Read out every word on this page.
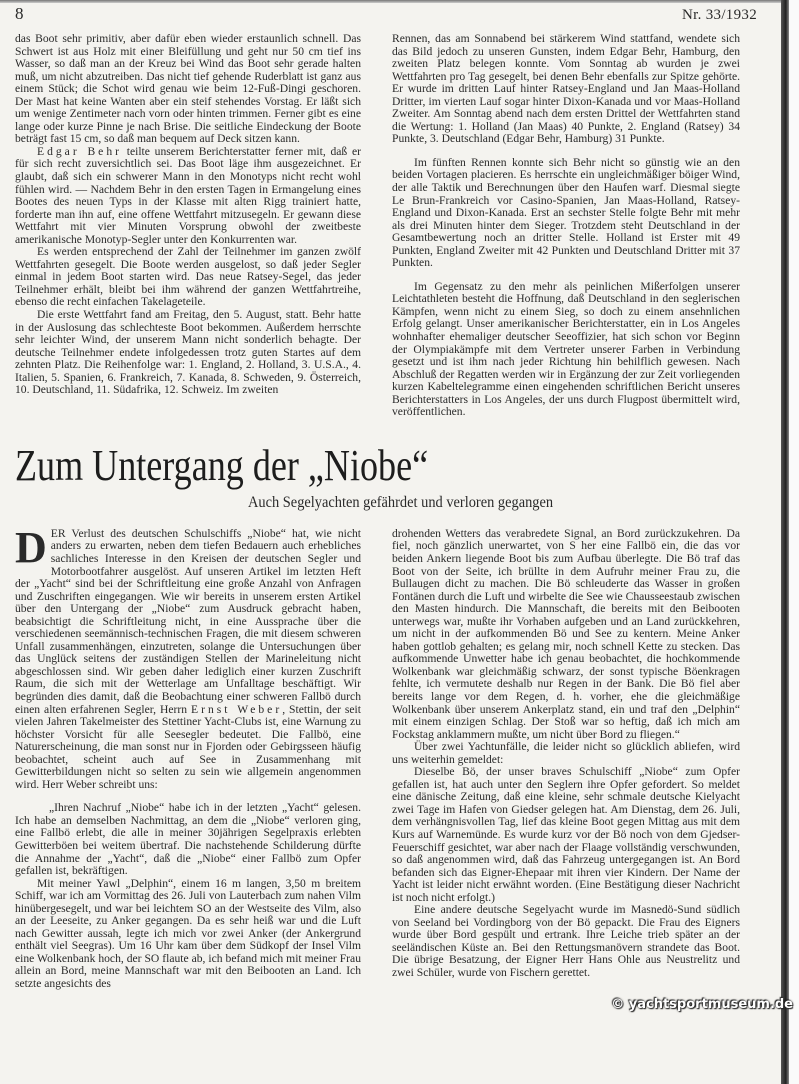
8	Nr. 33/1932

das Boot sehr primitiv, aber dafür eben wieder erstaunlich schnell. Das Schwert ist aus Holz mit einer Bleifüllung und geht nur 50 cm tief ins Wasser, so daß man an der Kreuz bei Wind das Boot sehr gerade halten muß, um nicht abzutreiben. Das nicht tief gehende Ruderblatt ist ganz aus einem Stück; die Schot wird genau wie beim 12-Fuß-Dingi geschoren. Der Mast hat keine Wanten aber ein steif stehendes Vorstag. Er läßt sich um wenige Zentimeter nach vorn oder hinten trimmen. Ferner gibt es eine lange oder kurze Pinne je nach Brise. Die seitliche Eindeckung der Boote beträgt fast 15 cm, so daß man bequem auf Deck sitzen kann.

Edgar Behr teilte unserem Berichterstatter ferner mit, daß er für sich recht zuversichtlich sei. Das Boot läge ihm ausgezeichnet. Er glaubt, daß sich ein schwerer Mann in den Monotyps nicht recht wohl fühlen wird. — Nachdem Behr in den ersten Tagen in Ermangelung eines Bootes des neuen Typs in der Klasse mit alten Rigg trainiert hatte, forderte man ihn auf, eine offene Wettfahrt mitzusegeln. Er gewann diese Wettfahrt mit vier Minuten Vorsprung obwohl der zweitbeste amerikanische Monotyp-Segler unter den Konkurrenten war.

Es werden entsprechend der Zahl der Teilnehmer im ganzen zwölf Wettfahrten gesegelt. Die Boote werden ausgelost, so daß jeder Segler einmal in jedem Boot starten wird. Das neue Ratsey-Segel, das jeder Teilnehmer erhält, bleibt bei ihm während der ganzen Wettfahrtreihe, ebenso die recht einfachen Takelageteile.

Die erste Wettfahrt fand am Freitag, den 5. August, statt. Behr hatte in der Auslosung das schlechteste Boot bekommen. Außerdem herrschte sehr leichter Wind, der unserem Mann nicht sonderlich behagte. Der deutsche Teilnehmer endete infolgedessen trotz guten Startes auf dem zehnten Platz. Die Reihenfolge war: 1. England, 2. Holland, 3. U.S.A., 4. Italien, 5. Spanien, 6. Frankreich, 7. Kanada, 8. Schweden, 9. Österreich, 10. Deutschland, 11. Südafrika, 12. Schweiz. Im zweiten

Rennen, das am Sonnabend bei stärkerem Wind stattfand, wendete sich das Bild jedoch zu unseren Gunsten, indem Edgar Behr, Hamburg, den zweiten Platz belegen konnte. Vom Sonntag ab wurden je zwei Wettfahrten pro Tag gesegelt, bei denen Behr ebenfalls zur Spitze gehörte. Er wurde im dritten Lauf hinter Ratsey-England und Jan Maas-Holland Dritter, im vierten Lauf sogar hinter Dixon-Kanada und vor Maas-Holland Zweiter. Am Sonntag abend nach dem ersten Drittel der Wettfahrten stand die Wertung: 1. Holland (Jan Maas) 40 Punkte, 2. England (Ratsey) 34 Punkte, 3. Deutschland (Edgar Behr, Hamburg) 31 Punkte.

Im fünften Rennen konnte sich Behr nicht so günstig wie an den beiden Vortagen placieren. Es herrschte ein ungleichmäßiger böiger Wind, der alle Taktik und Berechnungen über den Haufen warf. Diesmal siegte Le Brun-Frankreich vor Casino-Spanien, Jan Maas-Holland, Ratsey-England und Dixon-Kanada. Erst an sechster Stelle folgte Behr mit mehr als drei Minuten hinter dem Sieger. Trotzdem steht Deutschland in der Gesamtbewertung noch an dritter Stelle. Holland ist Erster mit 49 Punkten, England Zweiter mit 42 Punkten und Deutschland Dritter mit 37 Punkten.

Im Gegensatz zu den mehr als peinlichen Mißerfolgen unserer Leichtathleten besteht die Hoffnung, daß Deutschland in den seglerischen Kämpfen, wenn nicht zu einem Sieg, so doch zu einem ansehnlichen Erfolg gelangt. Unser amerikanischer Berichterstatter, ein in Los Angeles wohnhafter ehemaliger deutscher Seeoffizier, hat sich schon vor Beginn der Olympiakämpfe mit dem Vertreter unserer Farben in Verbindung gesetzt und ist ihm nach jeder Richtung hin behilflich gewesen. Nach Abschluß der Regatten werden wir in Ergänzung der zur Zeit vorliegenden kurzen Kabeltelegramme einen eingehenden schriftlichen Bericht unseres Berichterstatters in Los Angeles, der uns durch Flugpost übermittelt wird, veröffentlichen.

Zum Untergang der „Niobe“
Auch Segelyachten gefährdet und verloren gegangen

DER Verlust des deutschen Schulschiffs „Niobe“ hat, wie nicht anders zu erwarten, neben dem tiefen Bedauern auch erhebliches sachliches Interesse in den Kreisen der deutschen Segler und Motorbootfahrer ausgelöst. Auf unseren Artikel im letzten Heft der „Yacht“ sind bei der Schriftleitung eine große Anzahl von Anfragen und Zuschriften eingegangen. Wie wir bereits in unserem ersten Artikel über den Untergang der „Niobe“ zum Ausdruck gebracht haben, beabsichtigt die Schriftleitung nicht, in eine Aussprache über die verschiedenen seemännisch-technischen Fragen, die mit diesem schweren Unfall zusammenhängen, einzutreten, solange die Untersuchungen über das Unglück seitens der zuständigen Stellen der Marineleitung nicht abgeschlossen sind. Wir geben daher lediglich einer kurzen Zuschrift Raum, die sich mit der Wetterlage am Unfalltage beschäftigt. Wir begründen dies damit, daß die Beobachtung einer schweren Fallbö durch einen alten erfahrenen Segler, Herrn Ernst Weber, Stettin, der seit vielen Jahren Takelmeister des Stettiner Yacht-Clubs ist, eine Warnung zu höchster Vorsicht für alle Seesegler bedeutet. Die Fallbö, eine Naturerscheinung, die man sonst nur in Fjorden oder Gebirgsseen häufig beobachtet, scheint auch auf See in Zusammenhang mit Gewitterbildungen nicht so selten zu sein wie allgemein angenommen wird. Herr Weber schreibt uns:

„Ihren Nachruf „Niobe“ habe ich in der letzten „Yacht“ gelesen. Ich habe an demselben Nachmittag, an dem die „Niobe“ verloren ging, eine Fallbö erlebt, die alle in meiner 30jährigen Segelpraxis erlebten Gewitterböen bei weitem übertraf. Die nachstehende Schilderung dürfte die Annahme der „Yacht“, daß die „Niobe“ einer Fallbö zum Opfer gefallen ist, bekräftigen.

Mit meiner Yawl „Delphin“, einem 16 m langen, 3,50 m breitem Schiff, war ich am Vormittag des 26. Juli von Lauterbach zum nahen Vilm hinübergesegelt, und war bei leichtem SO an der Westseite des Vilm, also an der Leeseite, zu Anker gegangen. Da es sehr heiß war und die Luft nach Gewitter aussah, legte ich mich vor zwei Anker (der Ankergrund enthält viel Seegras). Um 16 Uhr kam über dem Südkopf der Insel Vilm eine Wolkenbank hoch, der SO flaute ab, ich befand mich mit meiner Frau allein an Bord, meine Mannschaft war mit den Beibooten an Land. Ich setzte angesichts des

drohenden Wetters das verabredete Signal, an Bord zurückzukehren. Da fiel, noch gänzlich unerwartet, von S her eine Fallbö ein, die das vor beiden Ankern liegende Boot bis zum Aufbau überlegte. Die Bö traf das Boot von der Seite, ich brüllte in dem Aufruhr meiner Frau zu, die Bullaugen dicht zu machen. Die Bö schleuderte das Wasser in großen Fontänen durch die Luft und wirbelte die See wie Chausseestaub zwischen den Masten hindurch. Die Mannschaft, die bereits mit den Beibooten unterwegs war, mußte ihr Vorhaben aufgeben und an Land zurückkehren, um nicht in der aufkommenden Bö und See zu kentern. Meine Anker haben gottlob gehalten; es gelang mir, noch schnell Kette zu stecken. Das aufkommende Unwetter habe ich genau beobachtet, die hochkommende Wolkenbank war gleichmäßig schwarz, der sonst typische Böenkragen fehlte, ich vermutete deshalb nur Regen in der Bank. Die Bö fiel aber bereits lange vor dem Regen, d. h. vorher, ehe die gleichmäßige Wolkenbank über unserem Ankerplatz stand, ein und traf den „Delphin“ mit einem einzigen Schlag. Der Stoß war so heftig, daß ich mich am Fockstag anklammern mußte, um nicht über Bord zu fliegen.“

Über zwei Yachtunfälle, die leider nicht so glücklich abliefen, wird uns weiterhin gemeldet:

Dieselbe Bö, der unser braves Schulschiff „Niobe“ zum Opfer gefallen ist, hat auch unter den Seglern ihre Opfer gefordert. So meldet eine dänische Zeitung, daß eine kleine, sehr schmale deutsche Kielyacht zwei Tage im Hafen von Giedser gelegen hat. Am Dienstag, dem 26. Juli, dem verhängnisvollen Tag, lief das kleine Boot gegen Mittag aus mit dem Kurs auf Warnemünde. Es wurde kurz vor der Bö noch von dem Gjedser-Feuerschiff gesichtet, war aber nach der Flaage vollständig verschwunden, so daß angenommen wird, daß das Fahrzeug untergegangen ist. An Bord befanden sich das Eigner-Ehepaar mit ihren vier Kindern. Der Name der Yacht ist leider nicht erwähnt worden. (Eine Bestätigung dieser Nachricht ist noch nicht erfolgt.)

Eine andere deutsche Segelyacht wurde im Masnedö-Sund südlich von Seeland bei Vordingborg von der Bö gepackt. Die Frau des Eigners wurde über Bord gespült und ertrank. Ihre Leiche trieb später an der seeländischen Küste an. Bei den Rettungsmanövern strandete das Boot. Die übrige Besatzung, der Eigner Herr Hans Ohle aus Neustrelitz und zwei Schüler, wurde von Fischern gerettet.

© yachtsportmuseum.de
